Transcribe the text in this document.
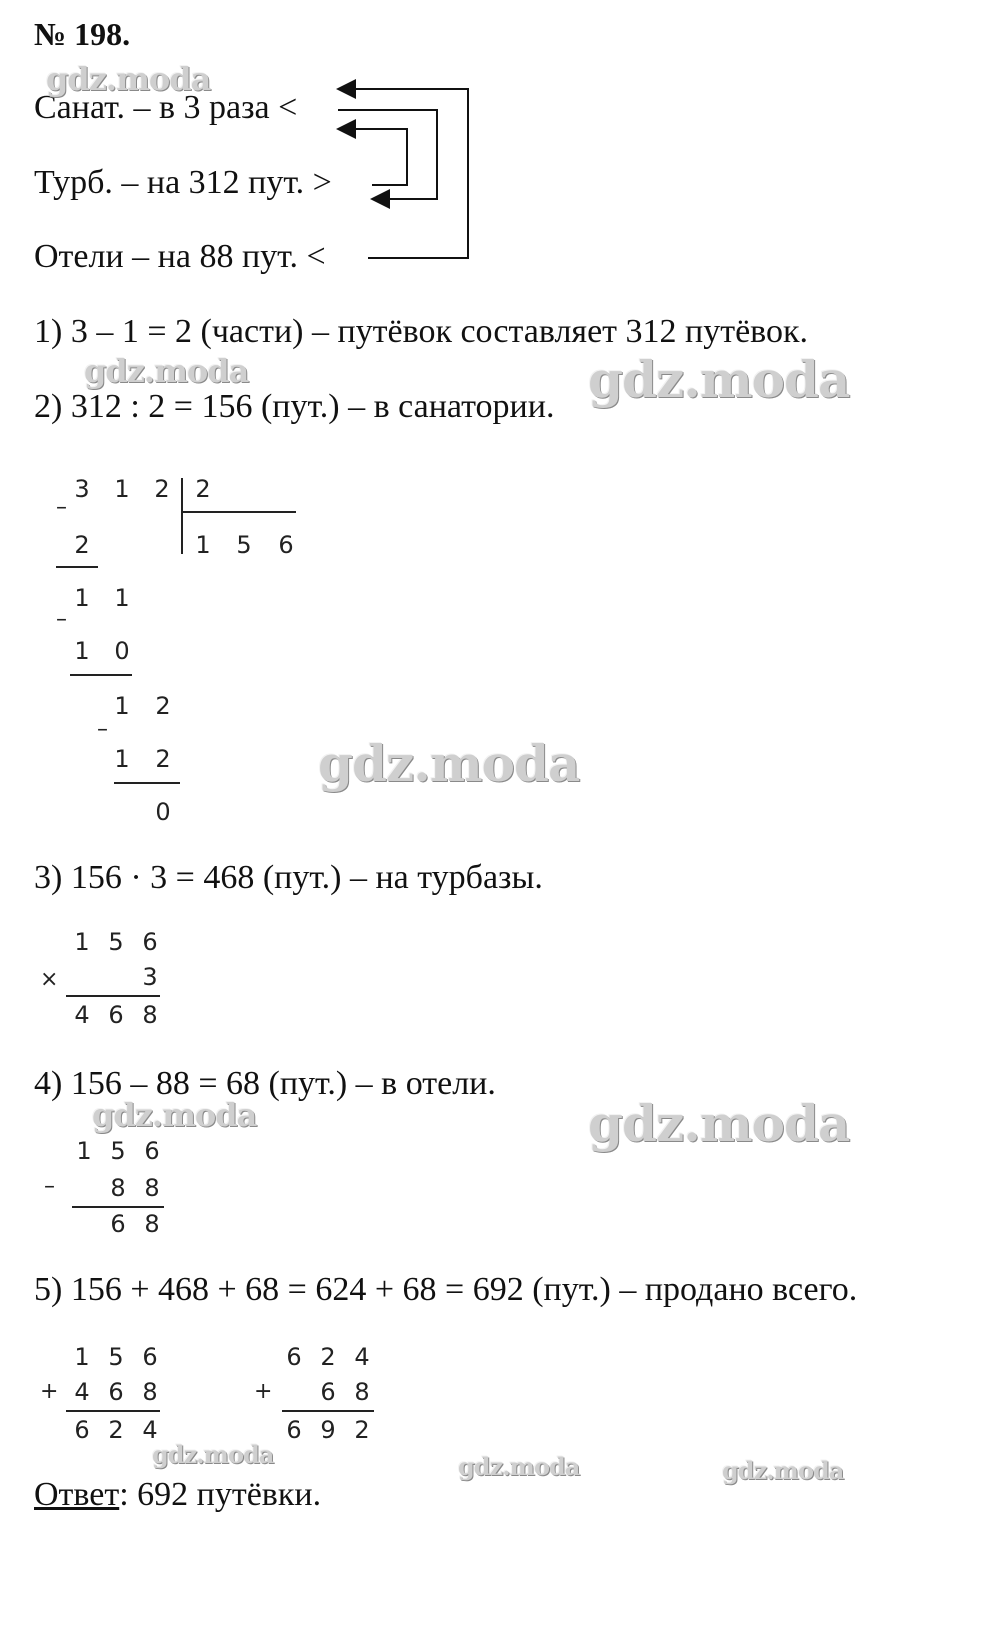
№ 198.
Санат. – в 3 раза <
Турб. – на 312 пут. >
Отели – на 88 пут. <
1) 3 – 1 = 2 (части) – путёвок составляет 312 путёвок.
2) 312 : 2 = 156 (пут.) – в санатории.
3 1 2 2
1 5 6
–
2
1 1
–
1 0
1 2
–
1 2
0
3) 156 · 3 = 468 (пут.) – на турбазы.
1 5 6
×	3
4 6 8
4) 156 – 88 = 68 (пут.) – в отели.
1 5 6
– 8 8
6 8
5) 156 + 468 + 68 = 624 + 68 = 692 (пут.) – продано всего.
1 5 6
+ 4 6 8
6 2 4
6 2 4
+ 6 8
6 9 2
Ответ: 692 путёвки.
gdz.moda
gdz.moda	gdz.moda
gdz.moda
gdz.moda	gdz.moda
gdz.moda	gdz.moda	gdz.moda
